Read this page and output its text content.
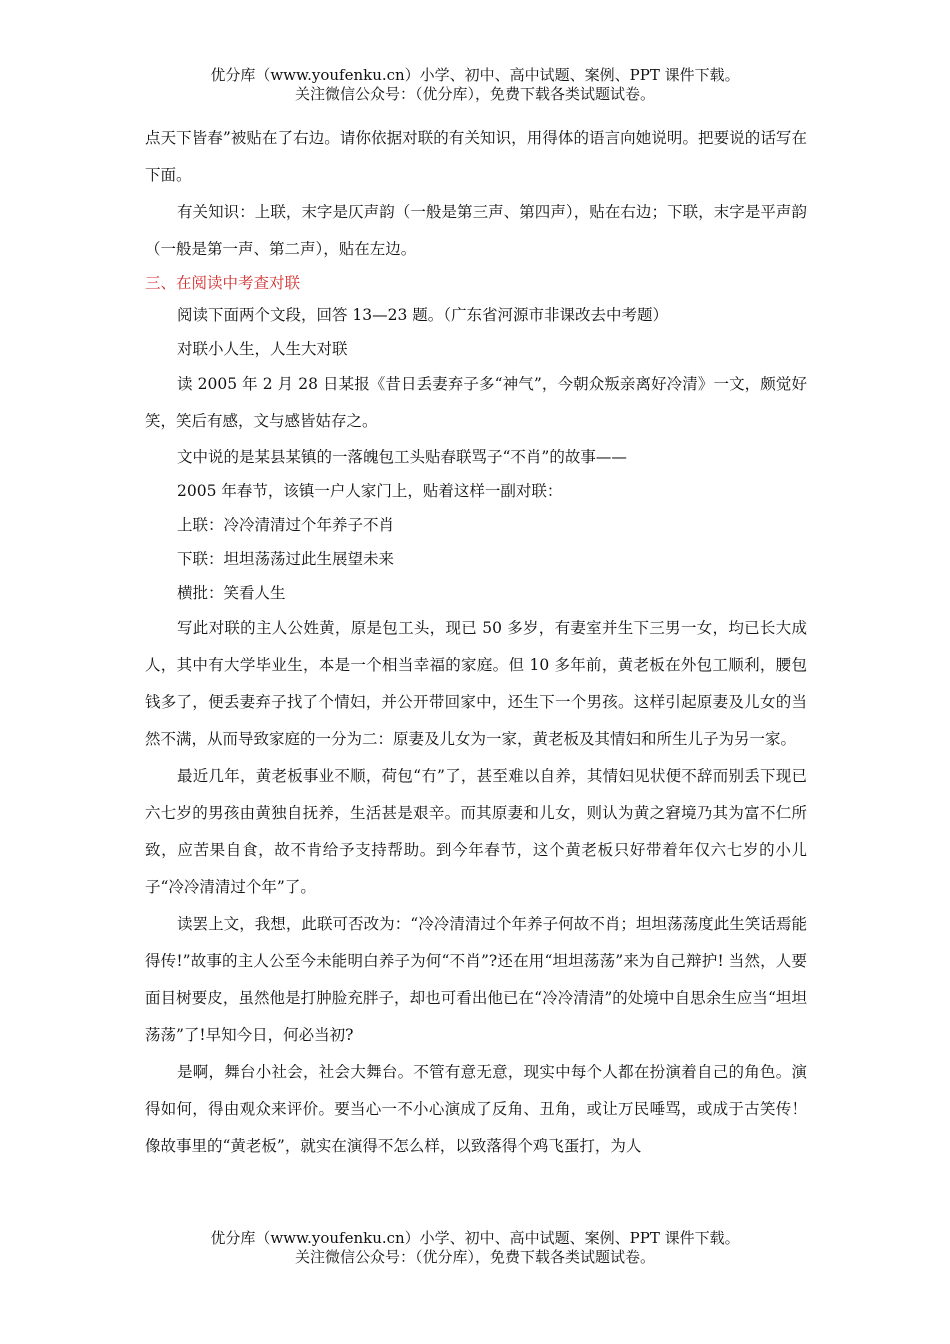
优分库（www.youfenku.cn）小学、初中、高中试题、案例、PPT 课件下载。
关注微信公众号：（优分库），免费下载各类试题试卷。

点天下皆春”被贴在了右边。请你依据对联的有关知识，用得体的语言向她说明。把要说的话写在下面。

有关知识：上联，末字是仄声韵（一般是第三声、第四声），贴在右边；下联，末字是平声韵（一般是第一声、第二声），贴在左边。

三、在阅读中考查对联

阅读下面两个文段，回答 13—23 题。（广东省河源市非课改去中考题）

对联小人生，人生大对联

读 2005 年 2 月 28 日某报《昔日丢妻弃子多“神气”，今朝众叛亲离好冷清》一文，颇觉好笑，笑后有感，文与感皆姑存之。

文中说的是某县某镇的一落魄包工头贴春联骂子“不肖”的故事——

2005 年春节，该镇一户人家门上，贴着这样一副对联：

上联：冷冷清清过个年养子不肖

下联：坦坦荡荡过此生展望未来

横批：笑看人生

写此对联的主人公姓黄，原是包工头，现已 50 多岁，有妻室并生下三男一女，均已长大成人，其中有大学毕业生，本是一个相当幸福的家庭。但 10 多年前，黄老板在外包工顺利，腰包钱多了，便丢妻弃子找了个情妇，并公开带回家中，还生下一个男孩。这样引起原妻及儿女的当然不满，从而导致家庭的一分为二：原妻及儿女为一家，黄老板及其情妇和所生儿子为另一家。

最近几年，黄老板事业不顺，荷包“冇”了，甚至难以自养，其情妇见状便不辞而别丢下现已六七岁的男孩由黄独自抚养，生活甚是艰辛。而其原妻和儿女，则认为黄之窘境乃其为富不仁所致，应苦果自食，故不肯给予支持帮助。到今年春节，这个黄老板只好带着年仅六七岁的小儿子“冷冷清清过个年”了。

读罢上文，我想，此联可否改为：“冷冷清清过个年养子何故不肖；坦坦荡荡度此生笑话焉能得传!”故事的主人公至今未能明白养子为何“不肖”?还在用“坦坦荡荡”来为自己辩护! 当然，人要面目树要皮，虽然他是打肿脸充胖子，却也可看出他已在“冷冷清清”的处境中自思余生应当“坦坦荡荡”了!早知今日，何必当初?

是啊，舞台小社会，社会大舞台。不管有意无意，现实中每个人都在扮演着自己的角色。演得如何，得由观众来评价。要当心一不小心演成了反角、丑角，或让万民唾骂，或成于古笑传！像故事里的“黄老板”，就实在演得不怎么样，以致落得个鸡飞蛋打，为人

优分库（www.youfenku.cn）小学、初中、高中试题、案例、PPT 课件下载。
关注微信公众号：（优分库），免费下载各类试题试卷。
